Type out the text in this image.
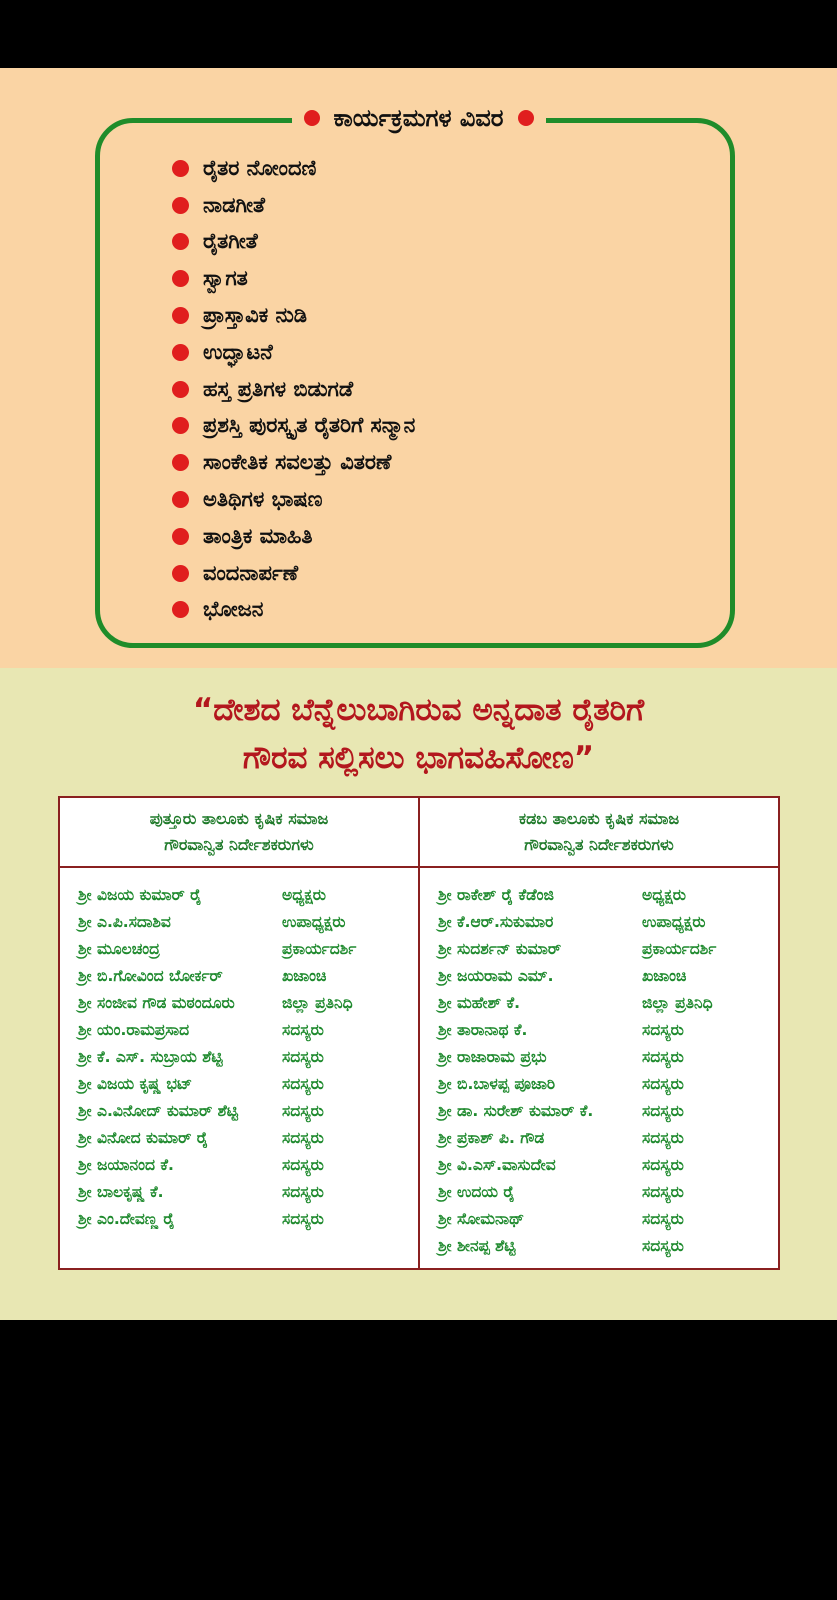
ಕಾರ್ಯಕ್ರಮಗಳ ವಿವರ
ರೈತರ ನೋಂದಣಿ
ನಾಡಗೀತೆ
ರೈತಗೀತೆ
ಸ್ವಾಗತ
ಪ್ರಾಸ್ತಾವಿಕ ನುಡಿ
ಉದ್ಘಾಟನೆ
ಹಸ್ತ ಪ್ರತಿಗಳ ಬಿಡುಗಡೆ
ಪ್ರಶಸ್ತಿ ಪುರಸ್ಕೃತ ರೈತರಿಗೆ ಸನ್ಮಾನ
ಸಾಂಕೇತಿಕ ಸವಲತ್ತು ವಿತರಣೆ
ಅತಿಥಿಗಳ ಭಾಷಣ
ತಾಂತ್ರಿಕ ಮಾಹಿತಿ
ವಂದನಾರ್ಪಣೆ
ಭೋಜನ
“ದೇಶದ ಬೆನ್ನೆಲುಬಾಗಿರುವ ಅನ್ನದಾತ ರೈತರಿಗೆ
ಗೌರವ ಸಲ್ಲಿಸಲು ಭಾಗವಹಿಸೋಣ”
ಪುತ್ತೂರು ತಾಲೂಕು ಕೃಷಿಕ ಸಮಾಜ
ಗೌರವಾನ್ವಿತ ನಿರ್ದೇಶಕರುಗಳು
ಶ್ರೀ ವಿಜಯ ಕುಮಾರ್ ರೈ	ಅಧ್ಯಕ್ಷರು
ಶ್ರೀ ಎ.ಪಿ.ಸದಾಶಿವ	ಉಪಾಧ್ಯಕ್ಷರು
ಶ್ರೀ ಮೂಲಚಂದ್ರ	ಪ್ರಕಾರ್ಯದರ್ಶಿ
ಶ್ರೀ ಬಿ.ಗೋವಿಂದ ಬೋರ್ಕರ್	ಖಜಾಂಚಿ
ಶ್ರೀ ಸಂಜೀವ ಗೌಡ ಮಠಂದೂರು	ಜಿಲ್ಲಾ ಪ್ರತಿನಿಧಿ
ಶ್ರೀ ಯಂ.ರಾಮಪ್ರಸಾದ	ಸದಸ್ಯರು
ಶ್ರೀ ಕೆ. ಎಸ್. ಸುಬ್ರಾಯ ಶೆಟ್ಟಿ	ಸದಸ್ಯರು
ಶ್ರೀ ವಿಜಯ ಕೃಷ್ಣ ಭಟ್	ಸದಸ್ಯರು
ಶ್ರೀ ಎ.ವಿನೋದ್ ಕುಮಾರ್ ಶೆಟ್ಟಿ	ಸದಸ್ಯರು
ಶ್ರೀ ವಿನೋದ ಕುಮಾರ್ ರೈ	ಸದಸ್ಯರು
ಶ್ರೀ ಜಯಾನಂದ ಕೆ.	ಸದಸ್ಯರು
ಶ್ರೀ ಬಾಲಕೃಷ್ಣ ಕೆ.	ಸದಸ್ಯರು
ಶ್ರೀ ಎಂ.ದೇವಣ್ಣ ರೈ	ಸದಸ್ಯರು
ಕಡಬ ತಾಲೂಕು ಕೃಷಿಕ ಸಮಾಜ
ಗೌರವಾನ್ವಿತ ನಿರ್ದೇಶಕರುಗಳು
ಶ್ರೀ ರಾಕೇಶ್ ರೈ ಕೆಡೆಂಜಿ	ಅಧ್ಯಕ್ಷರು
ಶ್ರೀ ಕೆ.ಆರ್.ಸುಕುಮಾರ	ಉಪಾಧ್ಯಕ್ಷರು
ಶ್ರೀ ಸುದರ್ಶನ್ ಕುಮಾರ್	ಪ್ರಕಾರ್ಯದರ್ಶಿ
ಶ್ರೀ ಜಯರಾಮ ಎಮ್.	ಖಜಾಂಚಿ
ಶ್ರೀ ಮಹೇಶ್ ಕೆ.	ಜಿಲ್ಲಾ ಪ್ರತಿನಿಧಿ
ಶ್ರೀ ತಾರಾನಾಥ ಕೆ.	ಸದಸ್ಯರು
ಶ್ರೀ ರಾಜಾರಾಮ ಪ್ರಭು	ಸದಸ್ಯರು
ಶ್ರೀ ಬಿ.ಬಾಳಪ್ಪ ಪೂಜಾರಿ	ಸದಸ್ಯರು
ಶ್ರೀ ಡಾ. ಸುರೇಶ್ ಕುಮಾರ್ ಕೆ.	ಸದಸ್ಯರು
ಶ್ರೀ ಪ್ರಕಾಶ್ ಪಿ. ಗೌಡ	ಸದಸ್ಯರು
ಶ್ರೀ ವಿ.ಎಸ್.ವಾಸುದೇವ	ಸದಸ್ಯರು
ಶ್ರೀ ಉದಯ ರೈ	ಸದಸ್ಯರು
ಶ್ರೀ ಸೋಮನಾಥ್	ಸದಸ್ಯರು
ಶ್ರೀ ಶೀನಪ್ಪ ಶೆಟ್ಟಿ	ಸದಸ್ಯರು
